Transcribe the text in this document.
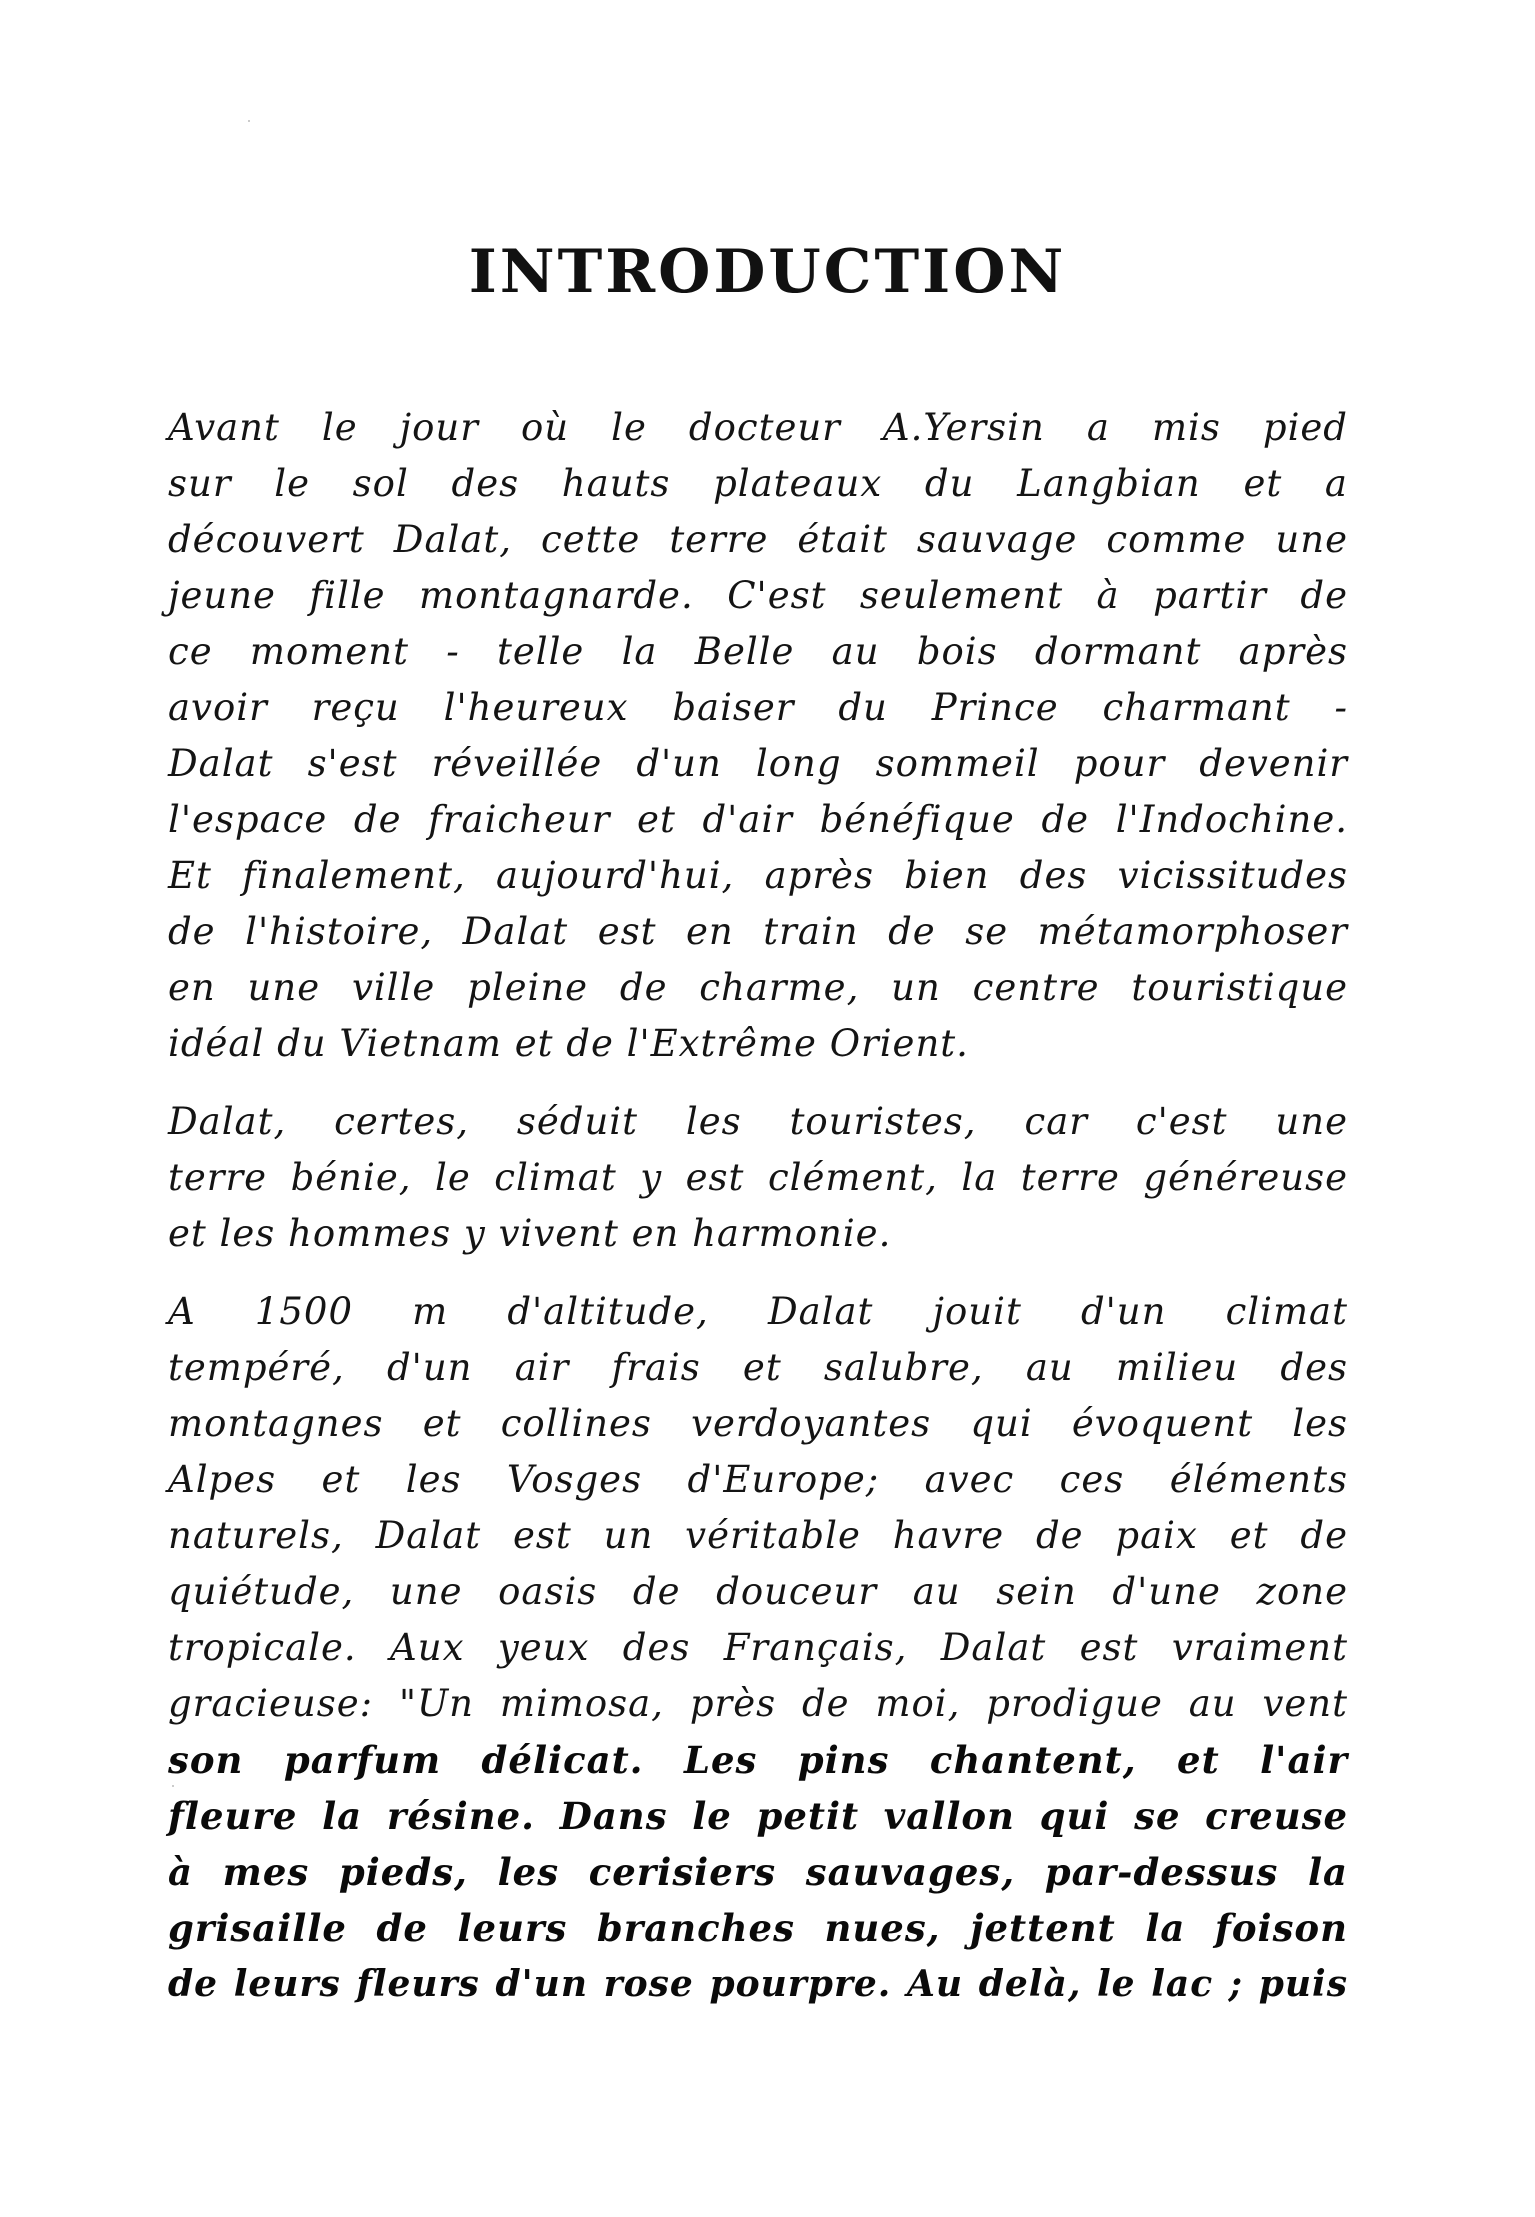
INTRODUCTION

Avant le jour où le docteur A.Yersin a mis pied
sur le sol des hauts plateaux du Langbian et a
découvert Dalat, cette terre était sauvage comme une
jeune fille montagnarde. C'est seulement à partir de
ce moment - telle la Belle au bois dormant après
avoir reçu l'heureux baiser du Prince charmant -
Dalat s'est réveillée d'un long sommeil pour devenir
l'espace de fraicheur et d'air bénéfique de l'Indochine.
Et finalement, aujourd'hui, après bien des vicissitudes
de l'histoire, Dalat est en train de se métamorphoser
en une ville pleine de charme, un centre touristique
idéal du Vietnam et de l'Extrême Orient.

Dalat, certes, séduit les touristes, car c'est une
terre bénie, le climat y est clément, la terre généreuse
et les hommes y vivent en harmonie.

A 1500 m d'altitude, Dalat jouit d'un climat
tempéré, d'un air frais et salubre, au milieu des
montagnes et collines verdoyantes qui évoquent les
Alpes et les Vosges d'Europe; avec ces éléments
naturels, Dalat est un véritable havre de paix et de
quiétude, une oasis de douceur au sein d'une zone
tropicale. Aux yeux des Français, Dalat est vraiment
gracieuse: "Un mimosa, près de moi, prodigue au vent
son parfum délicat. Les pins chantent, et l'air
fleure la résine. Dans le petit vallon qui se creuse
à mes pieds, les cerisiers sauvages, par-dessus la
grisaille de leurs branches nues, jettent la foison
de leurs fleurs d'un rose pourpre. Au delà, le lac ; puis
